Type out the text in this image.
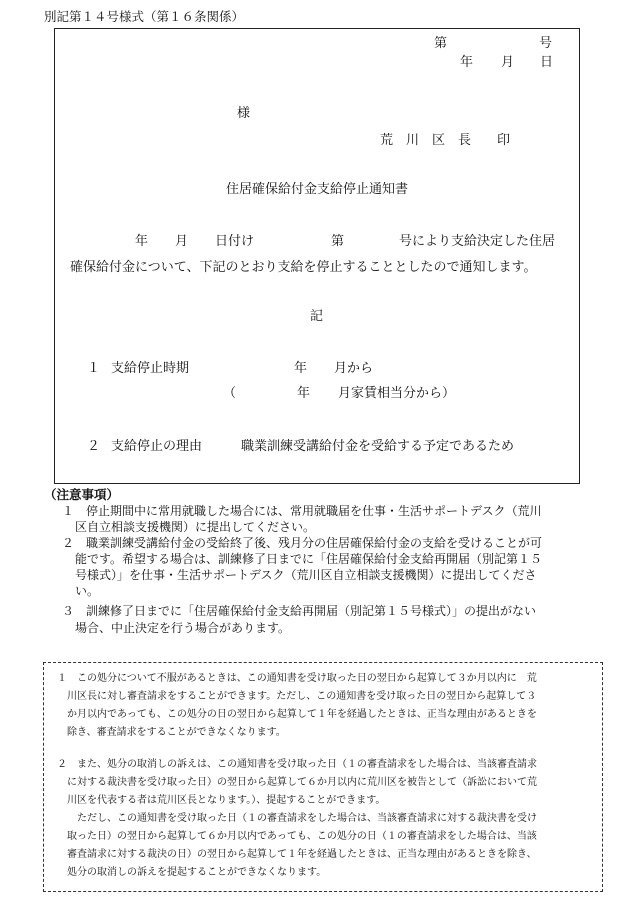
別記第１４号様式（第１６条関係）
第	号
年 月 日
様
荒　川　区　長　　印
住居確保給付金支給停止通知書
年 月 日付け	第	号により支給決定した住居
確保給付金について、下記のとおり支給を停止することとしたので通知します。
記
１ 支給停止時期	年 月から
（	年 月家賃相当分から）
２ 支給停止の理由	職業訓練受講給付金を受給する予定であるため
（注意事項）
１　停止期間中に常用就職した場合には、常用就職届を仕事・生活サポートデスク（荒川
区自立相談支援機関）に提出してください。
２　職業訓練受講給付金の受給終了後、残月分の住居確保給付金の支給を受けることが可
能です。希望する場合は、訓練修了日までに「住居確保給付金支給再開届（別記第１５
号様式）」を仕事・生活サポートデスク（荒川区自立相談支援機関）に提出してくださ
い。
３　訓練修了日までに「住居確保給付金支給再開届（別記第１５号様式）」の提出がない
場合、中止決定を行う場合があります。
１　この処分について不服があるときは、この通知書を受け取った日の翌日から起算して３か月以内に　荒
川区長に対し審査請求をすることができます。ただし、この通知書を受け取った日の翌日から起算して３
か月以内であっても、この処分の日の翌日から起算して１年を経過したときは、正当な理由があるときを
除き、審査請求をすることができなくなります。
２　また、処分の取消しの訴えは、この通知書を受け取った日（１の審査請求をした場合は、当該審査請求
に対する裁決書を受け取った日）の翌日から起算して６か月以内に荒川区を被告として（訴訟において荒
川区を代表する者は荒川区長となります。）、提起することができます。
ただし、この通知書を受け取った日（１の審査請求をした場合は、当該審査請求に対する裁決書を受け
取った日）の翌日から起算して６か月以内であっても、この処分の日（１の審査請求をした場合は、当該
審査請求に対する裁決の日）の翌日から起算して１年を経過したときは、正当な理由があるときを除き、
処分の取消しの訴えを提起することができなくなります。
